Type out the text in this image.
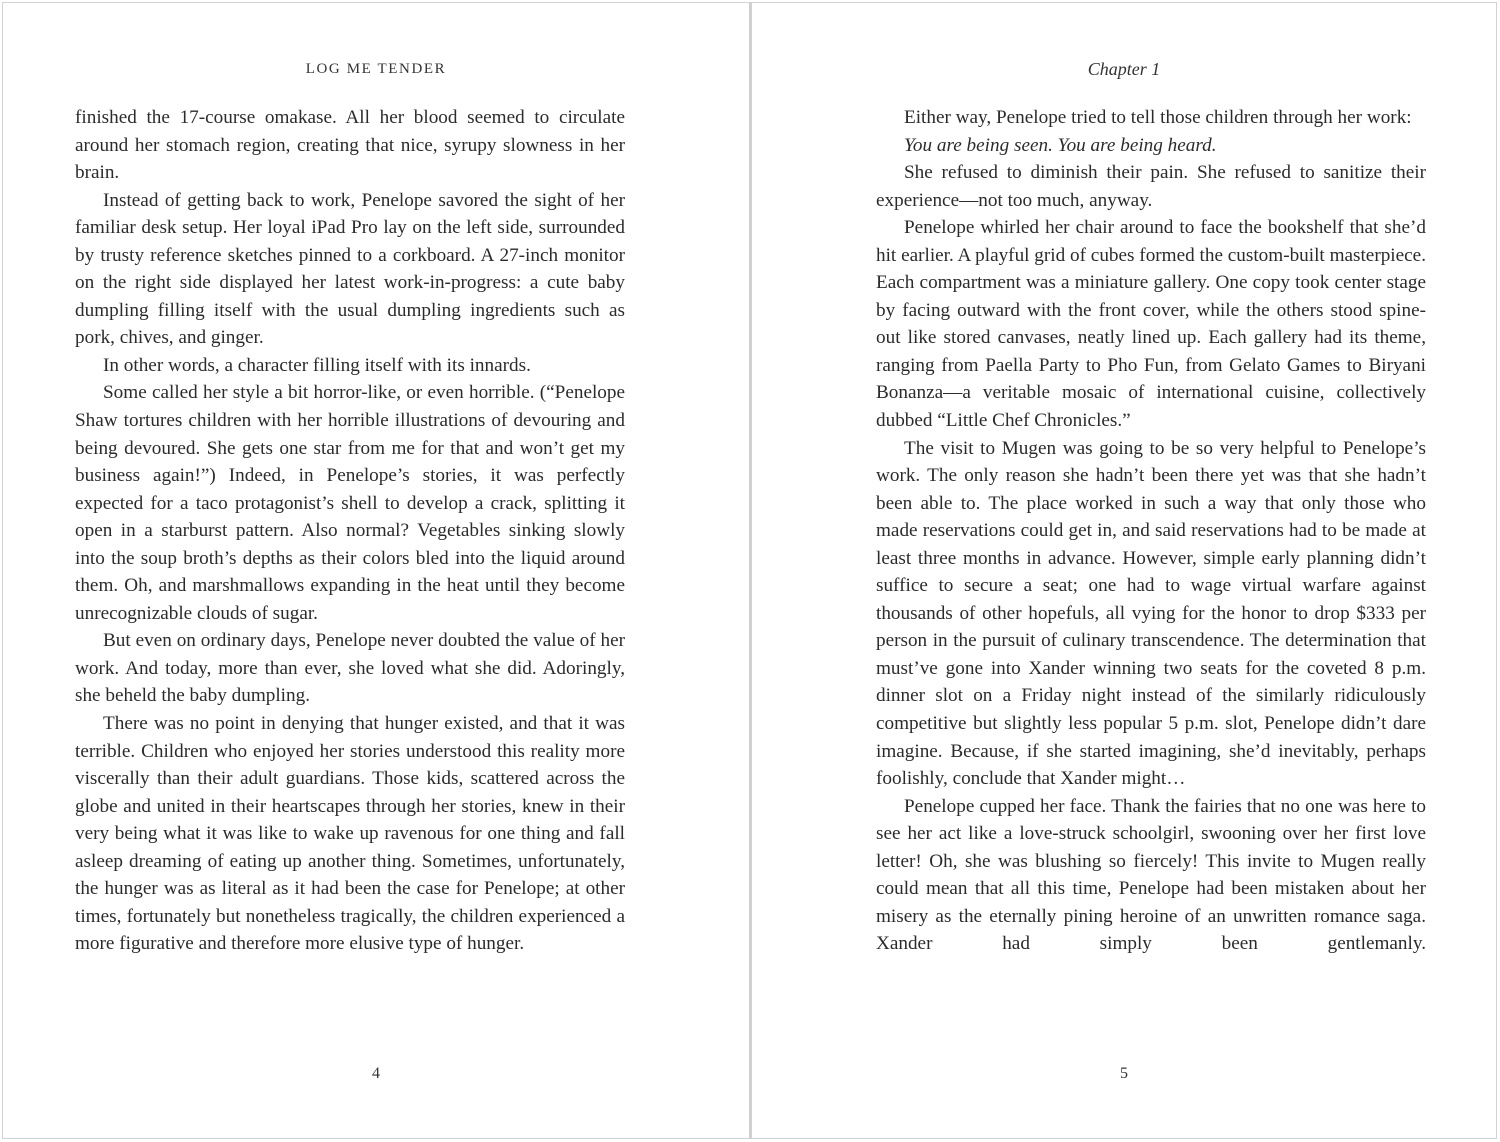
LOG ME TENDER

finished the 17-course omakase. All her blood seemed to circulate around her stomach region, creating that nice, syrupy slowness in her brain.

Instead of getting back to work, Penelope savored the sight of her familiar desk setup. Her loyal iPad Pro lay on the left side, surrounded by trusty reference sketches pinned to a corkboard. A 27-inch monitor on the right side displayed her latest work-in-progress: a cute baby dumpling filling itself with the usual dumpling ingredients such as pork, chives, and ginger.

In other words, a character filling itself with its innards.

Some called her style a bit horror-like, or even horrible. (“Penelope Shaw tortures children with her horrible illustrations of devouring and being devoured. She gets one star from me for that and won’t get my business again!”) Indeed, in Penelope’s stories, it was perfectly expected for a taco protagonist’s shell to develop a crack, splitting it open in a starburst pattern. Also normal? Vegetables sinking slowly into the soup broth’s depths as their colors bled into the liquid around them. Oh, and marshmallows expanding in the heat until they become unrecognizable clouds of sugar.

But even on ordinary days, Penelope never doubted the value of her work. And today, more than ever, she loved what she did. Adoringly, she beheld the baby dumpling.

There was no point in denying that hunger existed, and that it was terrible. Children who enjoyed her stories understood this reality more viscerally than their adult guardians. Those kids, scattered across the globe and united in their heartscapes through her stories, knew in their very being what it was like to wake up ravenous for one thing and fall asleep dreaming of eating up another thing. Sometimes, unfortunately, the hunger was as literal as it had been the case for Penelope; at other times, fortunately but nonetheless tragically, the children experienced a more figurative and therefore more elusive type of hunger.

4
Chapter 1

Either way, Penelope tried to tell those children through her work:

You are being seen. You are being heard.

She refused to diminish their pain. She refused to sanitize their experience—not too much, anyway.

Penelope whirled her chair around to face the bookshelf that she’d hit earlier. A playful grid of cubes formed the custom-built masterpiece. Each compartment was a miniature gallery. One copy took center stage by facing outward with the front cover, while the others stood spine-out like stored canvases, neatly lined up. Each gallery had its theme, ranging from Paella Party to Pho Fun, from Gelato Games to Biryani Bonanza—a veritable mosaic of international cuisine, collectively dubbed “Little Chef Chronicles.”

The visit to Mugen was going to be so very helpful to Penelope’s work. The only reason she hadn’t been there yet was that she hadn’t been able to. The place worked in such a way that only those who made reservations could get in, and said reservations had to be made at least three months in advance. However, simple early planning didn’t suffice to secure a seat; one had to wage virtual warfare against thousands of other hopefuls, all vying for the honor to drop $333 per person in the pursuit of culinary transcendence. The determination that must’ve gone into Xander winning two seats for the coveted 8 p.m. dinner slot on a Friday night instead of the similarly ridiculously competitive but slightly less popular 5 p.m. slot, Penelope didn’t dare imagine. Because, if she started imagining, she’d inevitably, perhaps foolishly, conclude that Xander might…

Penelope cupped her face. Thank the fairies that no one was here to see her act like a love-struck schoolgirl, swooning over her first love letter! Oh, she was blushing so fiercely! This invite to Mugen really could mean that all this time, Penelope had been mistaken about her misery as the eternally pining heroine of an unwritten romance saga. Xander had simply been gentlemanly.

5
